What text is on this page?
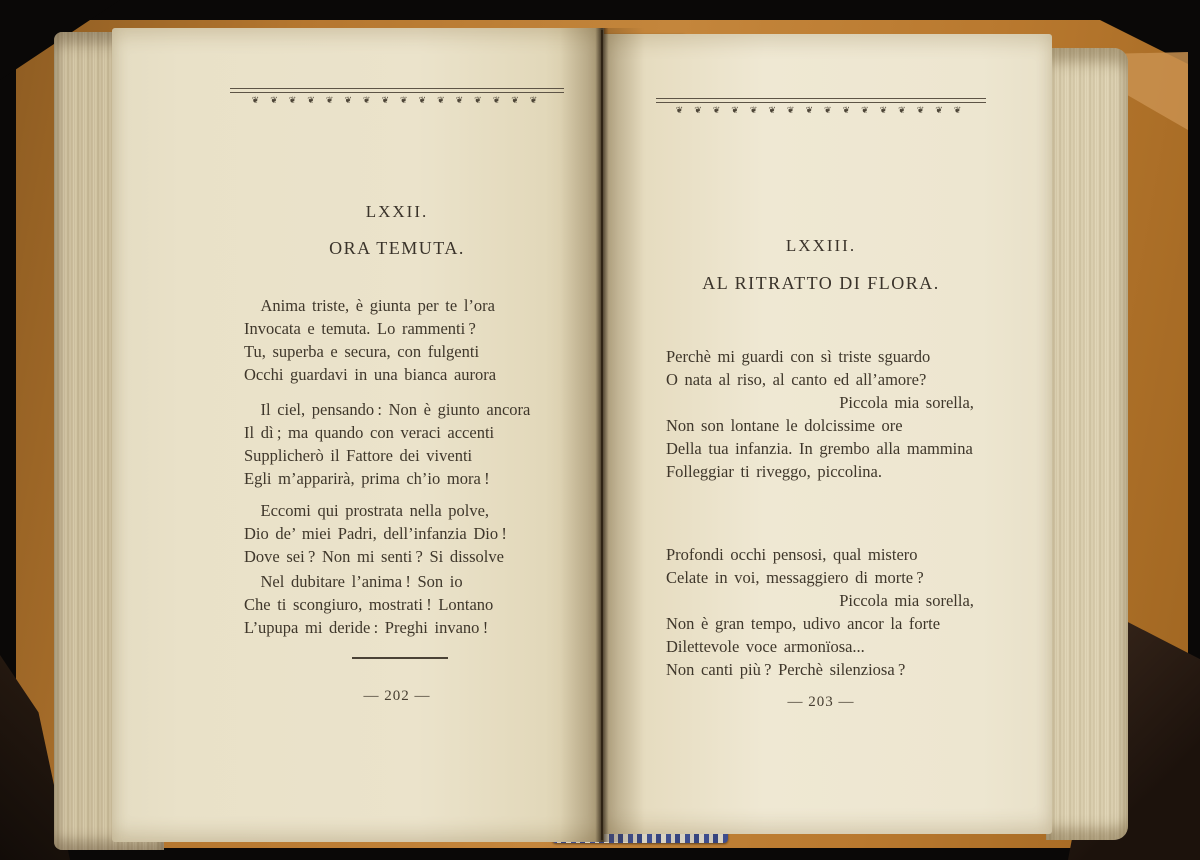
❦❦❦❦❦❦❦❦❦❦❦❦❦❦❦❦
LXXII.
ORA TEMUTA.
 Anima triste, è giunta per te l’ora
Invocata e temuta. Lo rammenti ?
Tu, superba e secura, con fulgenti
Occhi guardavi in una bianca aurora
 Il ciel, pensando : Non è giunto ancora
Il dì ; ma quando con veraci accenti
Supplicherò il Fattore dei viventi
Egli m’apparirà, prima ch’io mora !
 Eccomi qui prostrata nella polve,
Dio de’ miei Padri, dell’infanzia Dio !
Dove sei ? Non mi senti ? Si dissolve
 Nel dubitare l’anima ! Son io
Che ti scongiuro, mostrati ! Lontano
L’upupa mi deride : Preghi invano !
— 202 —
❦❦❦❦❦❦❦❦❦❦❦❦❦❦❦❦
LXXIII.
AL RITRATTO DI FLORA.
Perchè mi guardi con sì triste sguardo
O nata al riso, al canto ed all’amore?
           Piccola mia sorella,
Non son lontane le dolcissime ore
Della tua infanzia. In grembo alla mammina
Folleggiar ti riveggo, piccolina.
Profondi occhi pensosi, qual mistero
Celate in voi, messaggiero di morte ?
           Piccola mia sorella,
Non è gran tempo, udivo ancor la forte
Dilettevole voce armonïosa...
Non canti più ? Perchè silenziosa ?
— 203 —
